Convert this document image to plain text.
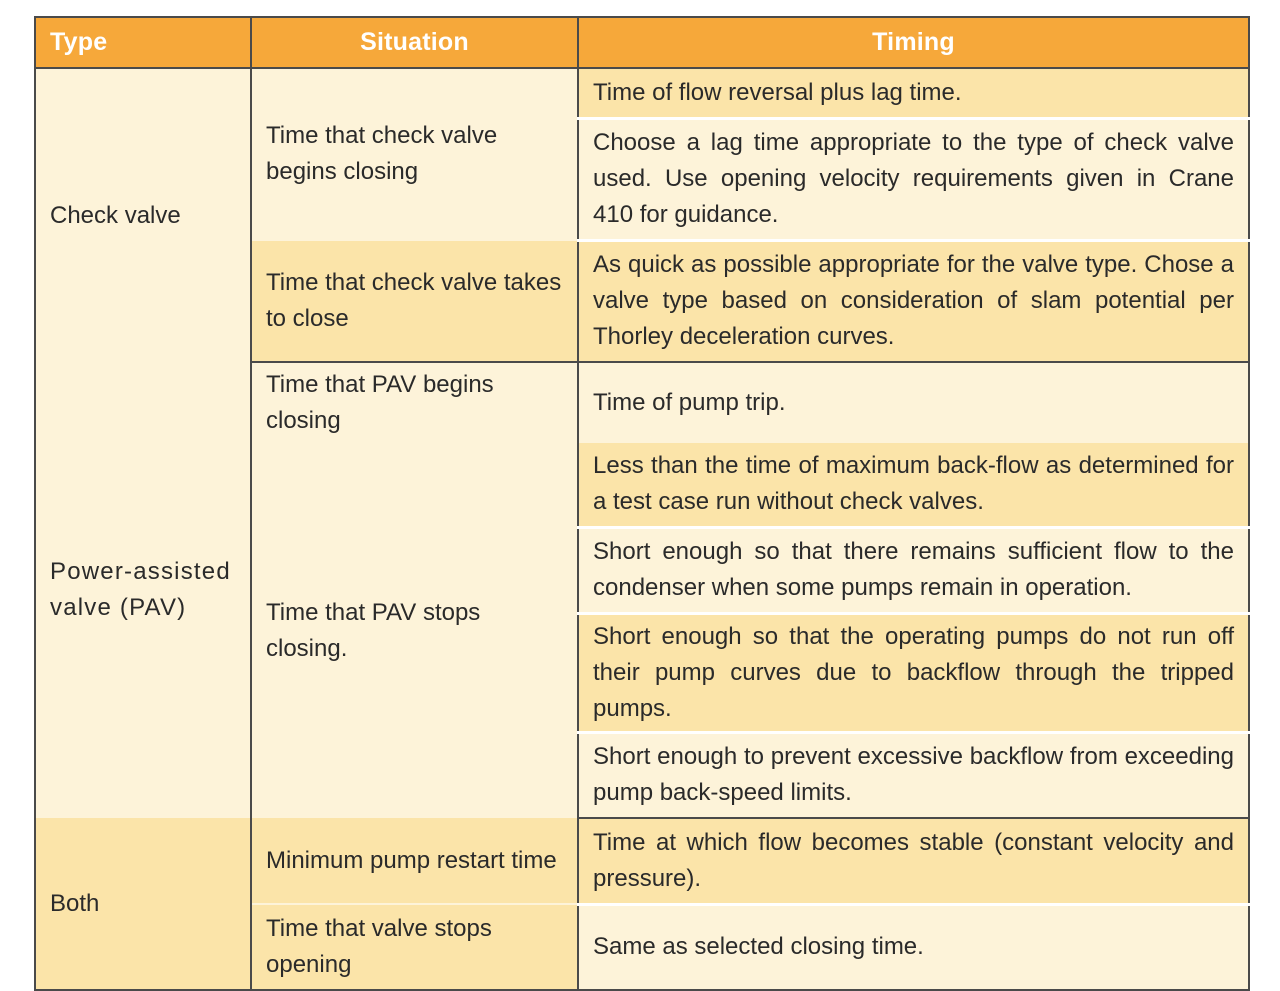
Type	Situation	Timing
Check valve	Time that check valve begins closing	Time of flow reversal plus lag time.
		Choose a lag time appropriate to the type of check valve used. Use opening velocity requirements given in Crane 410 for guidance.
	Time that check valve takes to close	As quick as possible appropriate for the valve type. Chose a valve type based on consideration of slam potential per Thorley deceleration curves.
Power-assisted valve (PAV)	Time that PAV begins closing	Time of pump trip.
	Time that PAV stops closing.	Less than the time of maximum back-flow as determined for a test case run without check valves.
		Short enough so that there remains sufficient flow to the condenser when some pumps remain in operation.
		Short enough so that the operating pumps do not run off their pump curves due to backflow through the tripped pumps.
		Short enough to prevent excessive backflow from exceeding pump back-speed limits.
Both	Minimum pump restart time	Time at which flow becomes stable (constant velocity and pressure).
	Time that valve stops opening	Same as selected closing time.
